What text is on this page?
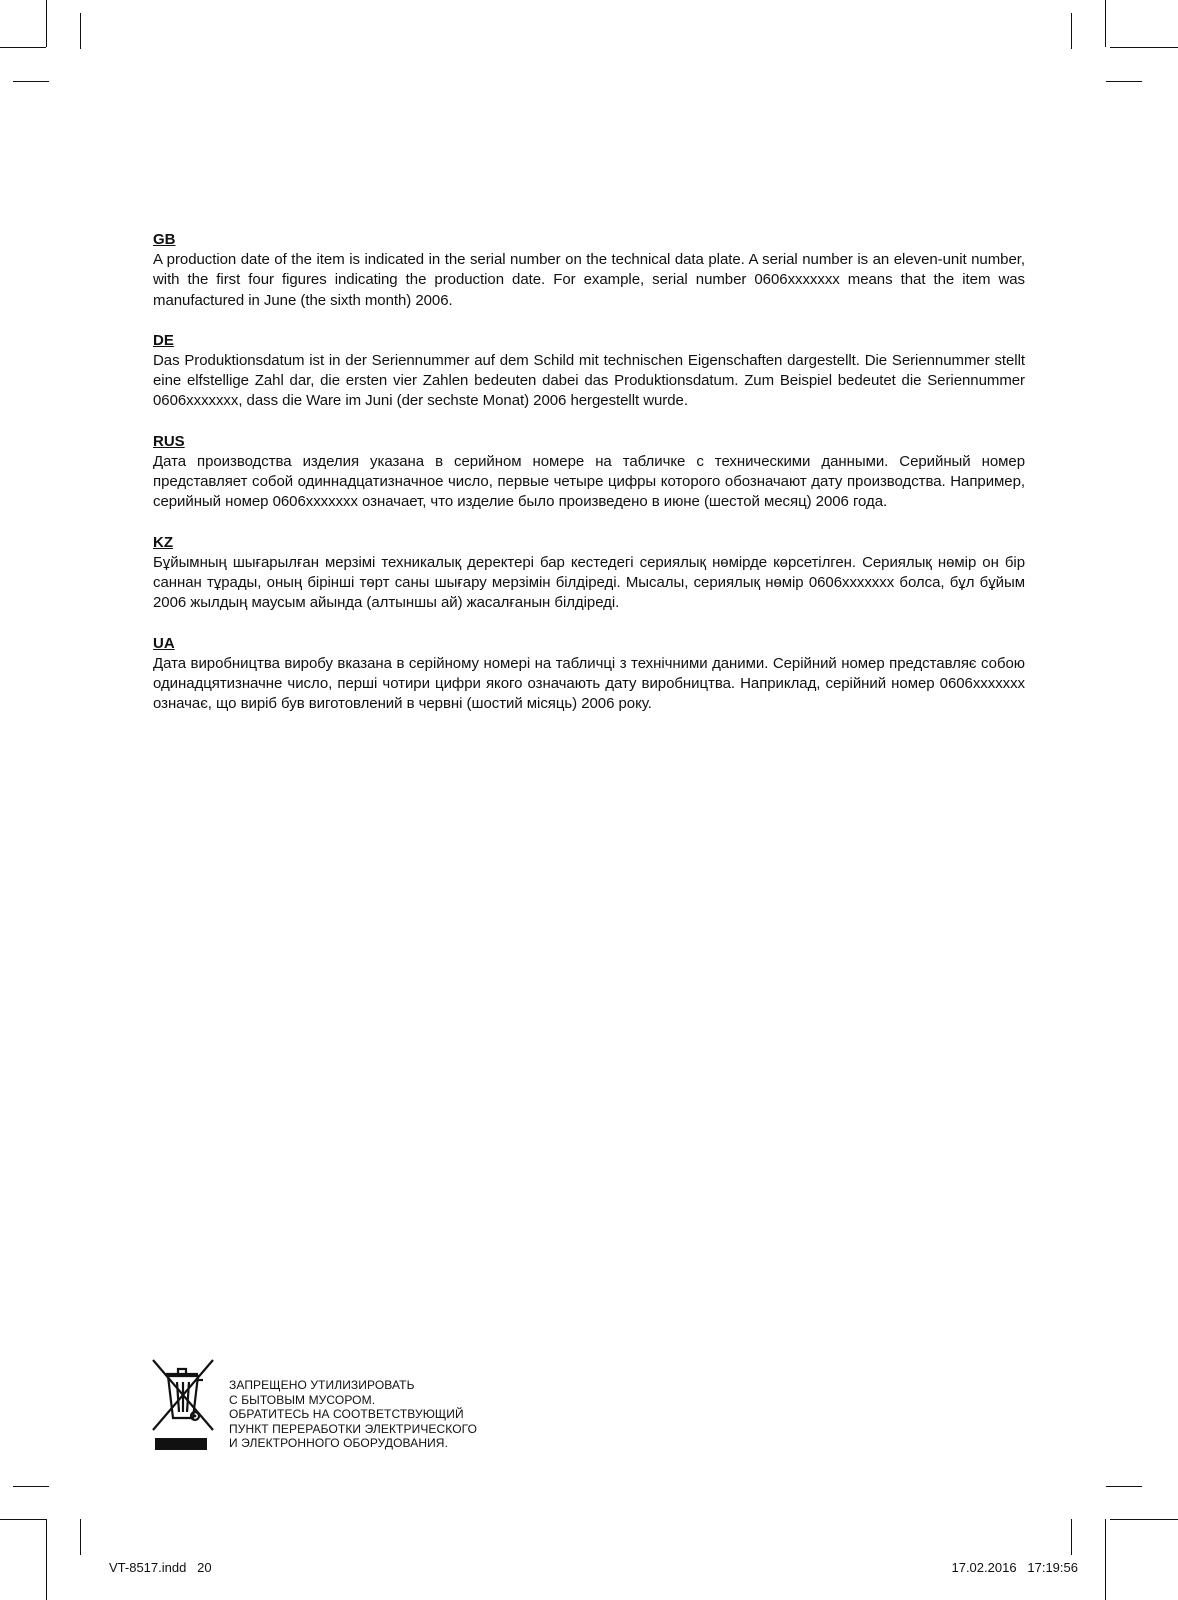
GB

A production date of the item is indicated in the serial number on the technical data plate. A serial number is an eleven-unit number, with the first four figures indicating the production date. For example, serial number 0606xxxxxxx means that the item was manufactured in June (the sixth month) 2006.

DE

Das Produktionsdatum ist in der Seriennummer auf dem Schild mit technischen Eigenschaften dargestellt. Die Seriennummer stellt eine elfstellige Zahl dar, die ersten vier Zahlen bedeuten dabei das Produktionsdatum. Zum Beispiel bedeutet die Seriennummer 0606xxxxxxx, dass die Ware im Juni (der sechste Monat) 2006 hergestellt wurde.

RUS

Дата производства изделия указана в серийном номере на табличке с техническими данными. Серийный номер представляет собой одиннадцатизначное число, первые четыре цифры которого обозначают дату производства. Например, серийный номер 0606ххххххх означает, что изделие было произведено в июне (шестой месяц) 2006 года.

KZ

Бұйымның шығарылған мерзімі техникалық деректері бар кестедегі сериялық нөмірде көрсетілген. Сериялық нөмір он бір саннан тұрады, оның бірінші төрт саны шығару мерзімін білдіреді. Мысалы, сериялық нөмір 0606ххххххх болса, бұл бұйым 2006 жылдың маусым айында (алтыншы ай) жасалғанын білдіреді.

UA

Дата виробництва виробу вказана в серійному номері на табличці з технічними даними. Серійний номер представляє собою одинадцятизначне число, перші чотири цифри якого означають дату виробництва. Наприклад, серійний номер 0606ххххххх означає, що виріб був виготовлений в червні (шостий місяць) 2006 року.

ЗАПРЕЩЕНО УТИЛИЗИРОВАТЬ
С БЫТОВЫМ МУСОРОМ.
ОБРАТИТЕСЬ НА СООТВЕТСТВУЮЩИЙ
ПУНКТ ПЕРЕРАБОТКИ ЭЛЕКТРИЧЕСКОГО
И ЭЛЕКТРОННОГО ОБОРУДОВАНИЯ.
VT-8517.indd   20	17.02.2016   17:19:56
